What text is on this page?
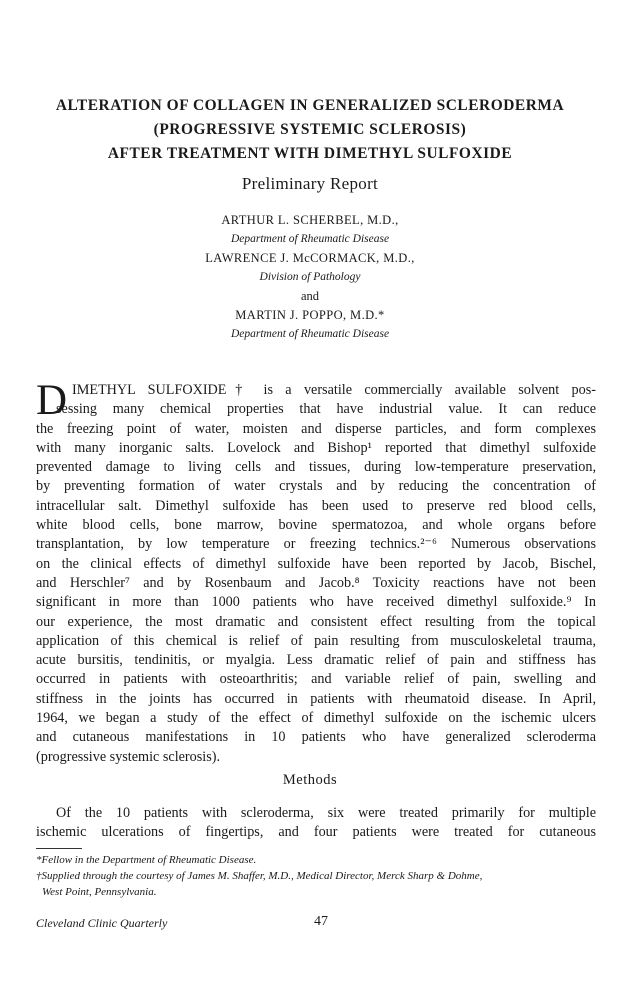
ALTERATION OF COLLAGEN IN GENERALIZED SCLERODERMA
(PROGRESSIVE SYSTEMIC SCLEROSIS)
AFTER TREATMENT WITH DIMETHYL SULFOXIDE
Preliminary Report
ARTHUR L. SCHERBEL, M.D.,
Department of Rheumatic Disease
LAWRENCE J. McCORMACK, M.D.,
Division of Pathology
and
MARTIN J. POPPO, M.D.*
Department of Rheumatic Disease
D IMETHYL SULFOXIDE† is a versatile commercially available solvent pos-
sessing many chemical properties that have industrial value. It can reduce
the freezing point of water, moisten and disperse particles, and form complexes
with many inorganic salts. Lovelock and Bishop¹ reported that dimethyl sulfoxide
prevented damage to living cells and tissues, during low-temperature preservation,
by preventing formation of water crystals and by reducing the concentration of
intracellular salt. Dimethyl sulfoxide has been used to preserve red blood cells,
white blood cells, bone marrow, bovine spermatozoa, and whole organs before
transplantation, by low temperature or freezing technics.²⁻⁶ Numerous observations
on the clinical effects of dimethyl sulfoxide have been reported by Jacob, Bischel,
and Herschler⁷ and by Rosenbaum and Jacob.⁸ Toxicity reactions have not been
significant in more than 1000 patients who have received dimethyl sulfoxide.⁹ In
our experience, the most dramatic and consistent effect resulting from the topical
application of this chemical is relief of pain resulting from musculoskeletal trauma,
acute bursitis, tendinitis, or myalgia. Less dramatic relief of pain and stiffness has
occurred in patients with osteoarthritis; and variable relief of pain, swelling and
stiffness in the joints has occurred in patients with rheumatoid disease. In April,
1964, we began a study of the effect of dimethyl sulfoxide on the ischemic ulcers
and cutaneous manifestations in 10 patients who have generalized scleroderma
(progressive systemic sclerosis).
Methods
Of the 10 patients with scleroderma, six were treated primarily for multiple
ischemic ulcerations of fingertips, and four patients were treated for cutaneous
*Fellow in the Department of Rheumatic Disease.
†Supplied through the courtesy of James M. Shaffer, M.D., Medical Director, Merck Sharp & Dohme,
West Point, Pennsylvania.
Cleveland Clinic Quarterly	47
